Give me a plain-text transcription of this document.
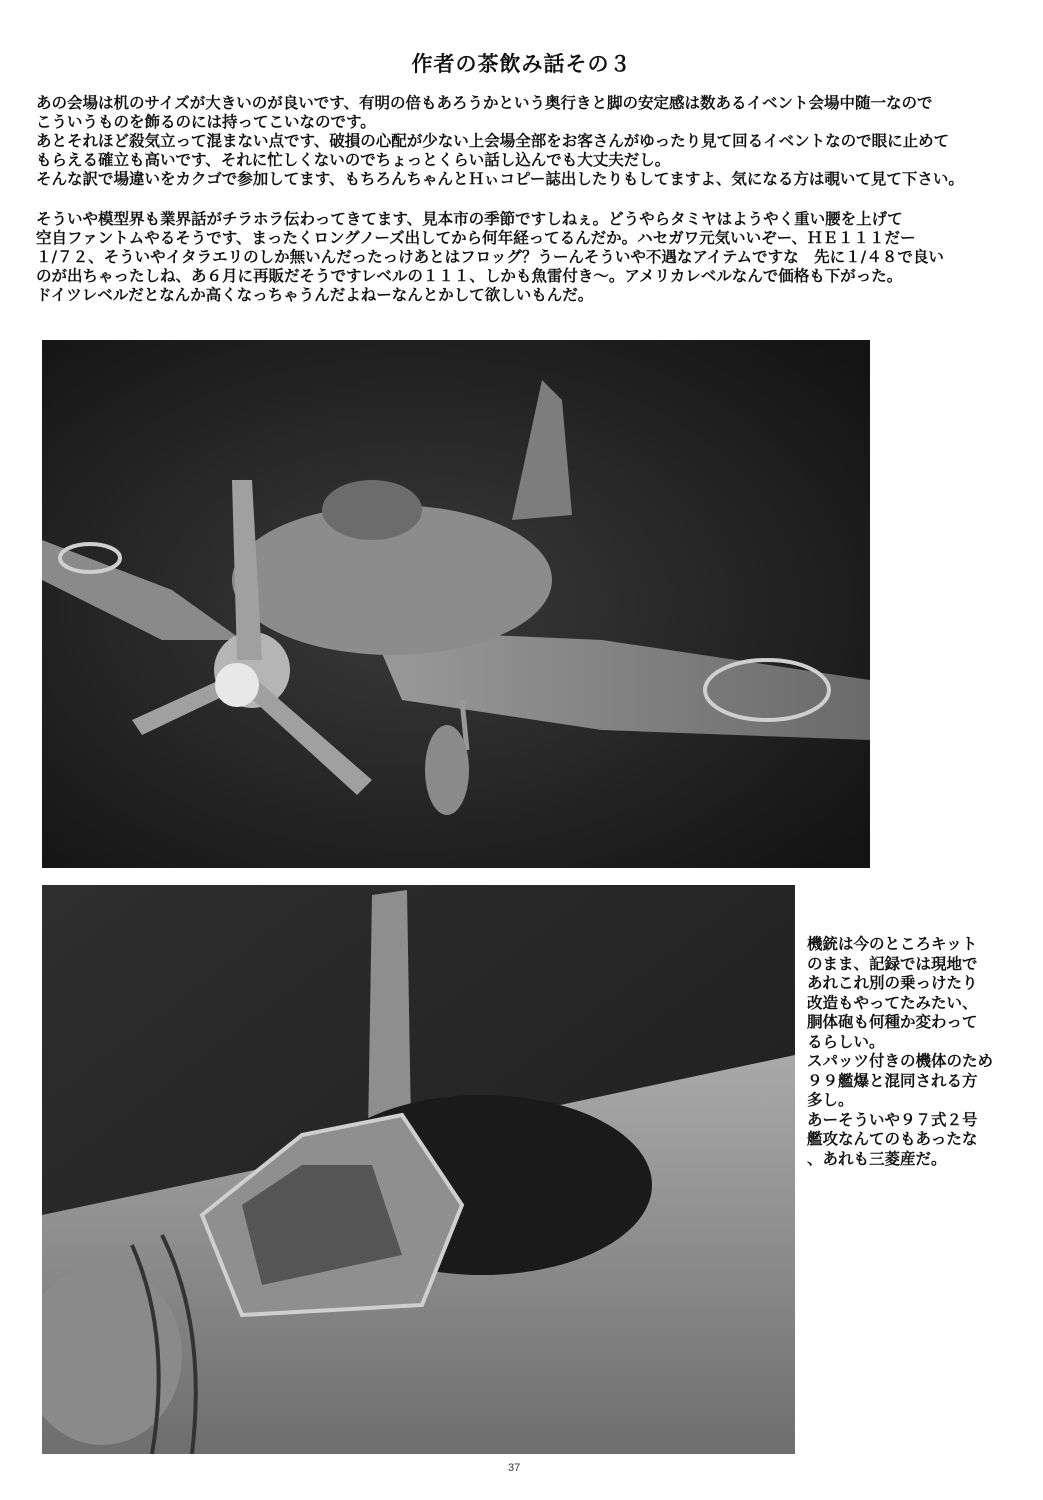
作者の茶飲み話その３
あの会場は机のサイズが大きいのが良いです、有明の倍もあろうかという奥行きと脚の安定感は数あるイベント会場中随一なので
こういうものを飾るのには持ってこいなのです。
あとそれほど殺気立って混まない点です、破損の心配が少ない上会場全部をお客さんがゆったり見て回るイベントなので眼に止めて
もらえる確立も高いです、それに忙しくないのでちょっとくらい話し込んでも大丈夫だし。
そんな訳で場違いをカクゴで参加してます、もちろんちゃんとＨぃコピー誌出したりもしてますよ、気になる方は覗いて見て下さい。
そういや模型界も業界話がチラホラ伝わってきてます、見本市の季節ですしねぇ。どうやらタミヤはようやく重い腰を上げて
空自ファントムやるそうです、まったくロングノーズ出してから何年経ってるんだか。ハセガワ元気いいぞー、ＨＥ１１１だー
１/７２、そういやイタラエリのしか無いんだったっけあとはフロッグ？うーんそういや不遇なアイテムですな　先に１/４８で良い
のが出ちゃったしね、あ６月に再販だそうですレベルの１１１、しかも魚雷付き～。アメリカレベルなんで価格も下がった。
ドイツレベルだとなんか高くなっちゃうんだよねーなんとかして欲しいもんだ。
機銃は今のところキット
のまま、記録では現地で
あれこれ別の乗っけたり
改造もやってたみたい、
胴体砲も何種か変わって
るらしい。
スパッツ付きの機体のため
９９艦爆と混同される方
多し。
あーそういや９７式２号
艦攻なんてのもあったな
、あれも三菱産だ。
37
